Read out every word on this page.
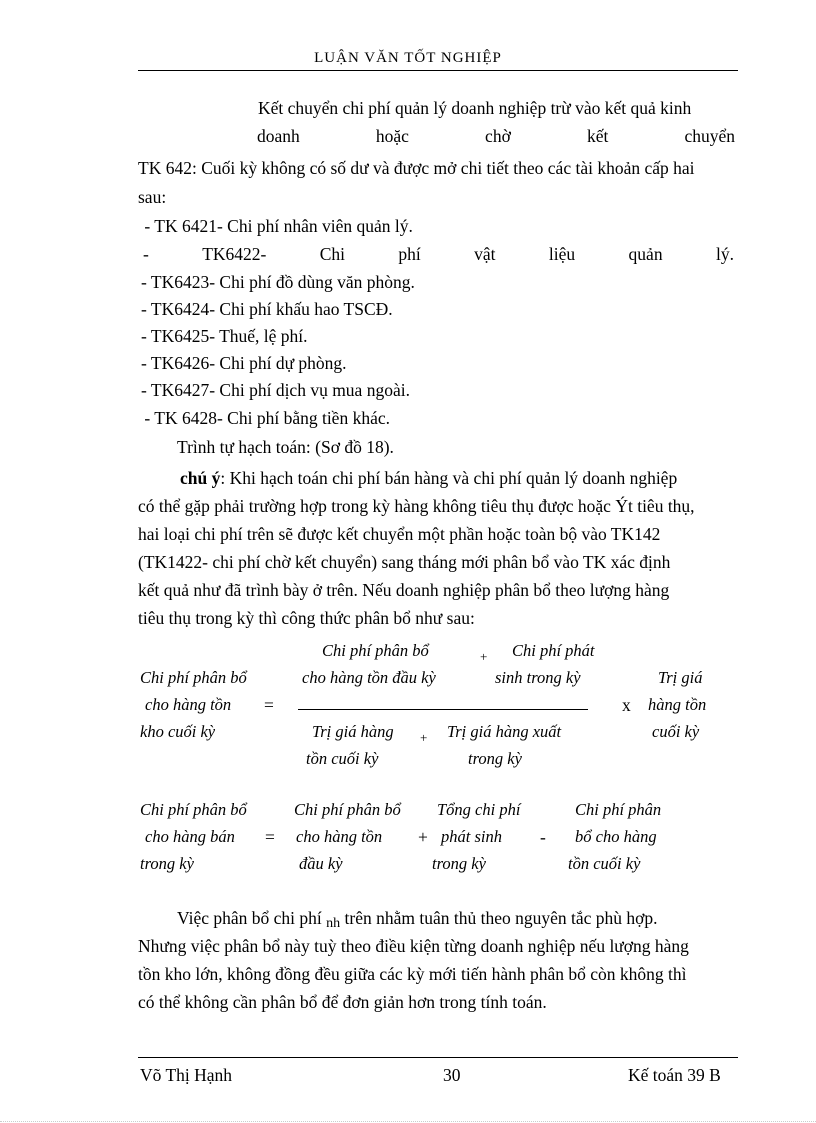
LUẬN VĂN TỐT NGHIỆP
Kết chuyển chi phí quản lý doanh nghiệp trừ vào kết quả kinh
doanh	hoặc	chờ	kết	chuyển
TK 642: Cuối kỳ không có số dư và được mở chi tiết theo các tài khoản cấp hai
sau:
- TK 6421- Chi phí nhân viên quản lý.
-	TK6422-	Chi	phí	vật	liệu	quản	lý.
- TK6423- Chi phí đồ dùng văn phòng.
- TK6424- Chi phí khấu hao TSCĐ.
- TK6425- Thuế, lệ phí.
- TK6426- Chi phí dự phòng.
- TK6427- Chi phí dịch vụ mua ngoài.
- TK 6428- Chi phí bằng tiền khác.
Trình tự hạch toán: (Sơ đồ 18).
chú ý: Khi hạch toán chi phí bán hàng và chi phí quản lý doanh nghiệp
có thể gặp phải trường hợp trong kỳ hàng không tiêu thụ được hoặc Ýt tiêu thụ,
hai loại chi phí trên sẽ được kết chuyển một phần hoặc toàn bộ vào TK142
(TK1422- chi phí chờ kết chuyển) sang tháng mới phân bổ vào TK xác định
kết quả như đã trình bày ở trên. Nếu doanh nghiệp phân bổ theo lượng hàng
tiêu thụ trong kỳ thì công thức phân bổ như sau:
Chi phí phân bổ
cho hàng tồn
kho cuối kỳ
=
Chi phí phân bổ
cho hàng tồn đầu kỳ
+ Chi phí phát
sinh trong kỳ
Trị giá hàng
tồn cuối kỳ
+ Trị giá hàng xuất
trong kỳ
x
Trị giá
hàng tồn
cuối kỳ
Chi phí phân bổ
cho hàng bán
trong kỳ
=
Chi phí phân bổ
cho hàng tồn
đầu kỳ
+
Tổng chi phí
phát sinh
trong kỳ
-
Chi phí phân
bổ cho hàng
tồn cuối kỳ
Việc phân bổ chi phí nh trên nhằm tuân thủ theo nguyên tắc phù hợp.
Nhưng việc phân bổ này tuỳ theo điều kiện từng doanh nghiệp nếu lượng hàng
tồn kho lớn, không đồng đều giữa các kỳ mới tiến hành phân bổ còn không thì
có thể không cần phân bổ để đơn giản hơn trong tính toán.
Võ Thị Hạnh	30	Kế toán 39 B
